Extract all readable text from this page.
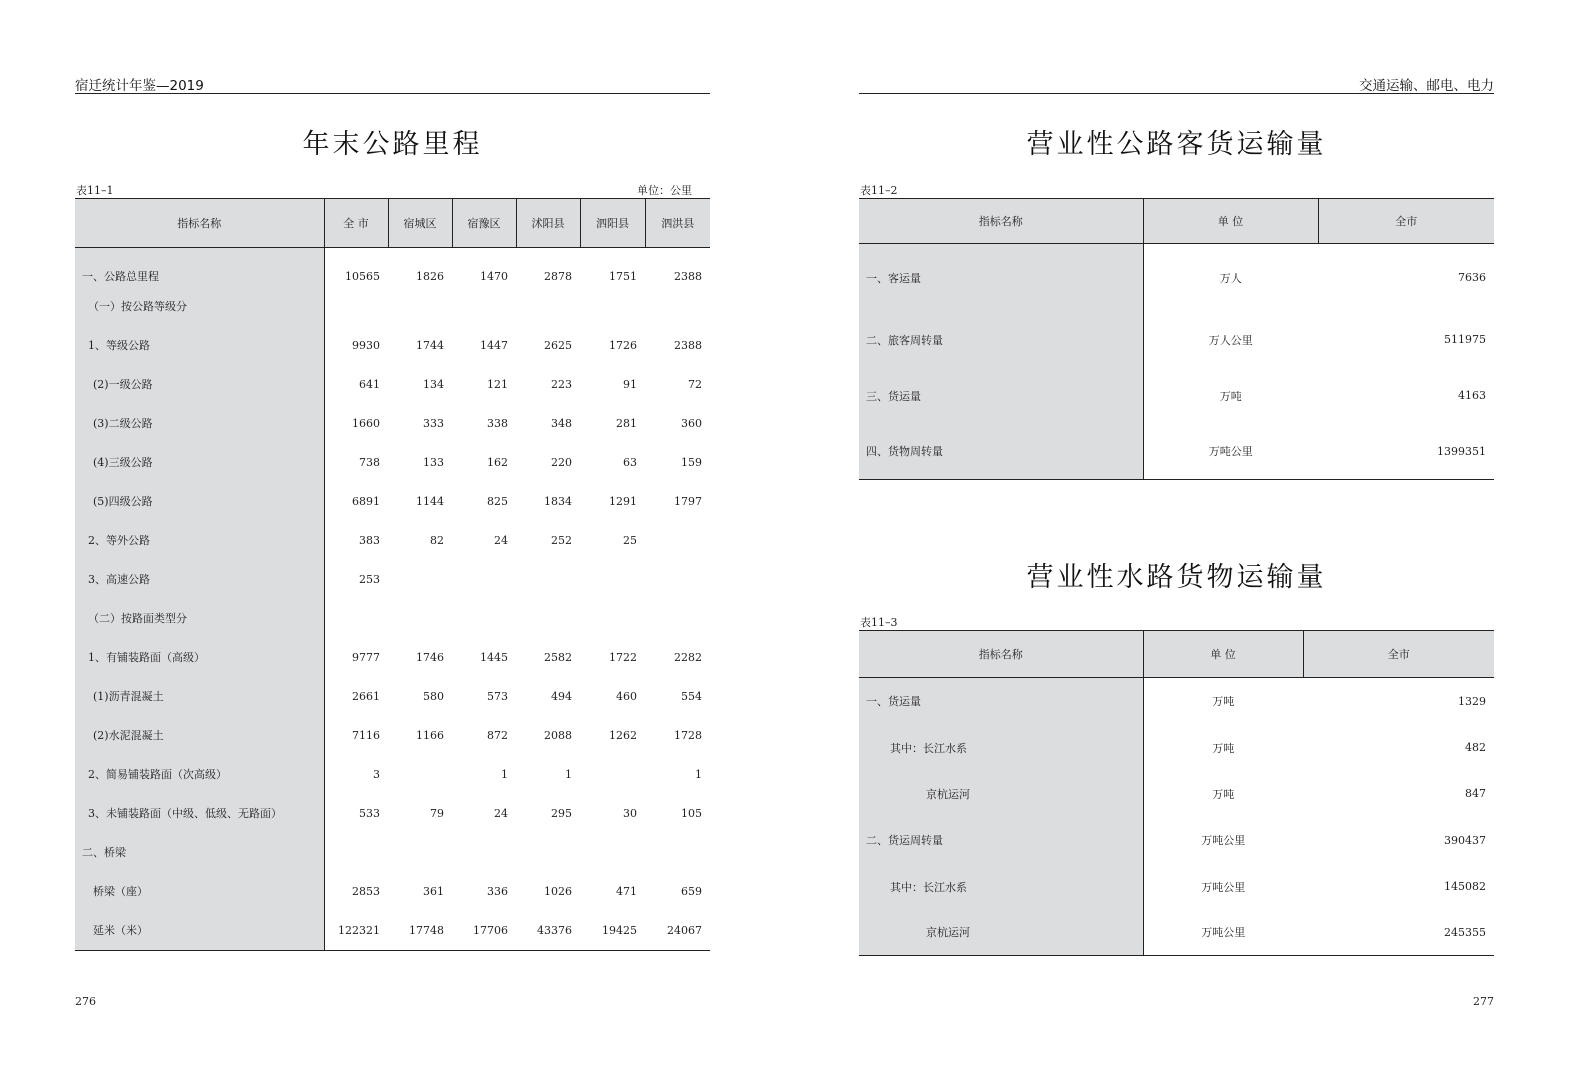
宿迁统计年鉴—2019
年末公路里程
表11–1	单位：公里
指标名称	全 市	宿城区	宿豫区	沭阳县	泗阳县	泗洪县
一、公路总里程	10565	1826	1470	2878	1751	2388
（一）按公路等级分						
1、等级公路	9930	1744	1447	2625	1726	2388
(2)一级公路	641	134	121	223	91	72
(3)二级公路	1660	333	338	348	281	360
(4)三级公路	738	133	162	220	63	159
(5)四级公路	6891	1144	825	1834	1291	1797
2、等外公路	383	82	24	252	25	
3、高速公路	253					
（二）按路面类型分						
1、有铺装路面（高级）	9777	1746	1445	2582	1722	2282
(1)沥青混凝土	2661	580	573	494	460	554
(2)水泥混凝土	7116	1166	872	2088	1262	1728
2、简易铺装路面（次高级）	3		1	1		1
3、未铺装路面（中级、低级、无路面）	533	79	24	295	30	105
二、桥梁						
桥梁（座）	2853	361	336	1026	471	659
延米（米）	122321	17748	17706	43376	19425	24067
276
交通运输、邮电、电力
营业性公路客货运输量
表11–2
指标名称	单 位	全市
一、客运量	万人	7636
二、旅客周转量	万人公里	511975
三、货运量	万吨	4163
四、货物周转量	万吨公里	1399351
营业性水路货物运输量
表11–3
指标名称	单 位	全市
一、货运量	万吨	1329
其中：长江水系	万吨	482
京杭运河	万吨	847
二、货运周转量	万吨公里	390437
其中：长江水系	万吨公里	145082
京杭运河	万吨公里	245355
277
